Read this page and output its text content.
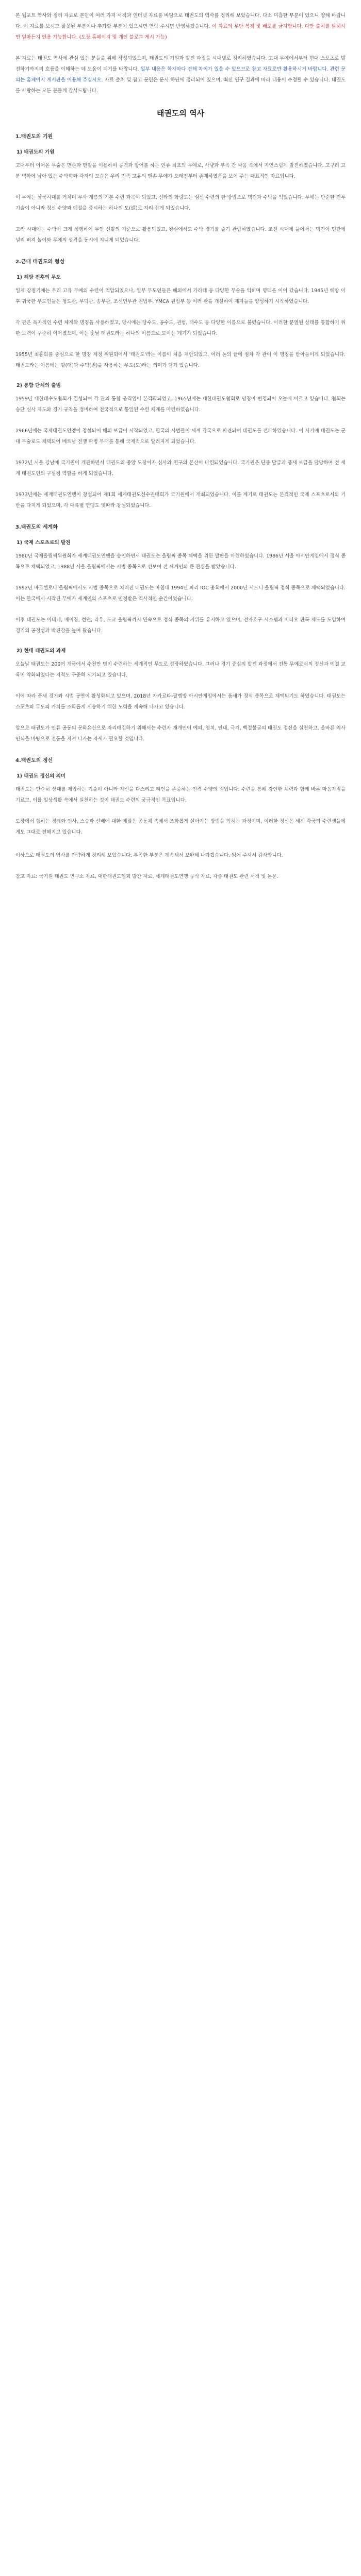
본 웹포트 역사와 정리 자료로 본인이 여러 가지 서적과 인터넷 자료를 바탕으로 태권도의 역사를 정리해 보았습니다. 다소 미흡한 부분이 있으니 양해 바랍니다. 이 자료를 보시고 잘못된 부분이나 추가할 부분이 있으시면 연락 주시면 반영하겠습니다. 이 자료의 무단 복제 및 배포를 금지합니다. 다만 출처를 밝히시면 얼마든지 인용 가능합니다. (도장 홈페이지 및 개인 블로그 게시 가능)

본 자료는 태권도 역사에 관심 있는 분들을 위해 작성되었으며, 태권도의 기원과 발전 과정을 시대별로 정리하였습니다. 고대 무예에서부터 현대 스포츠로 발전하기까지의 흐름을 이해하는 데 도움이 되기를 바랍니다. 일부 내용은 학자마다 견해 차이가 있을 수 있으므로 참고 자료로만 활용하시기 바랍니다. 관련 문의는 홈페이지 게시판을 이용해 주십시오. 자료 출처 및 참고 문헌은 문서 하단에 정리되어 있으며, 최신 연구 결과에 따라 내용이 수정될 수 있습니다. 태권도를 사랑하는 모든 분들께 감사드립니다.

태권도의 역사
1.태권도의 기원
1) 태권도의 기원

고대부터 이어온 무술은 맨손과 맨발을 이용하여 공격과 방어를 하는 인류 최초의 무예로, 사냥과 부족 간 싸움 속에서 자연스럽게 발전하였습니다. 고구려 고분 벽화에 남아 있는 수박희와 각저의 모습은 우리 민족 고유의 맨손 무예가 오래전부터 존재하였음을 보여 주는 대표적인 자료입니다.

이 무예는 삼국시대를 거치며 무사 계층의 기본 수련 과목이 되었고, 신라의 화랑도는 심신 수련의 한 방법으로 택견과 수박을 익혔습니다. 무예는 단순한 전투 기술이 아니라 정신 수양과 예절을 중시하는 하나의 도(道)로 자리 잡게 되었습니다.

고려 시대에는 수박이 크게 성행하여 무인 선발의 기준으로 활용되었고, 왕실에서도 수박 경기를 즐겨 관람하였습니다. 조선 시대에 들어서는 택견이 민간에 널리 퍼져 놀이와 무예의 성격을 동시에 지니게 되었습니다.

2.근대 태권도의 형성
1) 해방 전후의 무도

일제 강점기에는 우리 고유 무예의 수련이 억압되었으나, 일부 무도인들은 해외에서 가라테 등 다양한 무술을 익히며 명맥을 이어 갔습니다. 1945년 해방 이후 귀국한 무도인들은 청도관, 무덕관, 송무관, 조선연무관 권법부, YMCA 권법부 등 여러 관을 개설하여 제자들을 양성하기 시작하였습니다.

각 관은 독자적인 수련 체계와 명칭을 사용하였고, 당시에는 당수도, 공수도, 권법, 태수도 등 다양한 이름으로 불렸습니다. 이러한 분열된 상태를 통합하기 위한 노력이 꾸준히 이어졌으며, 이는 훗날 태권도라는 하나의 이름으로 모이는 계기가 되었습니다.

1955년 최홍희를 중심으로 한 명칭 제정 위원회에서 '태권도'라는 이름이 처음 제안되었고, 여러 논의 끝에 점차 각 관이 이 명칭을 받아들이게 되었습니다. 태권도라는 이름에는 발(태)과 주먹(권)을 사용하는 무도(도)라는 의미가 담겨 있습니다.

2) 통합 단체의 출범

1959년 대한태수도협회가 결성되며 각 관의 통합 움직임이 본격화되었고, 1965년에는 대한태권도협회로 명칭이 변경되어 오늘에 이르고 있습니다. 협회는 승단 심사 제도와 경기 규칙을 정비하여 전국적으로 통일된 수련 체계를 마련하였습니다.

1966년에는 국제태권도연맹이 창설되어 해외 보급이 시작되었고, 한국의 사범들이 세계 각국으로 파견되어 태권도를 전파하였습니다. 이 시기에 태권도는 군대 무술로도 채택되어 베트남 전쟁 파병 부대를 통해 국제적으로 알려지게 되었습니다.

1972년 서울 강남에 국기원이 개관하면서 태권도의 중앙 도장이자 심사와 연구의 본산이 마련되었습니다. 국기원은 단증 발급과 품새 보급을 담당하며 전 세계 태권도인의 구심점 역할을 하게 되었습니다.

1973년에는 세계태권도연맹이 창설되어 제1회 세계태권도선수권대회가 국기원에서 개최되었습니다. 이를 계기로 태권도는 본격적인 국제 스포츠로서의 기반을 다지게 되었으며, 각 대륙별 연맹도 잇따라 창설되었습니다.

3.태권도의 세계화
1) 국제 스포츠로의 발전

1980년 국제올림픽위원회가 세계태권도연맹을 승인하면서 태권도는 올림픽 종목 채택을 위한 발판을 마련하였습니다. 1986년 서울 아시안게임에서 정식 종목으로 채택되었고, 1988년 서울 올림픽에서는 시범 종목으로 선보여 전 세계인의 큰 관심을 받았습니다.

1992년 바르셀로나 올림픽에서도 시범 종목으로 치러진 태권도는 마침내 1994년 파리 IOC 총회에서 2000년 시드니 올림픽 정식 종목으로 채택되었습니다. 이는 한국에서 시작된 무예가 세계인의 스포츠로 인정받은 역사적인 순간이었습니다.

이후 태권도는 아테네, 베이징, 런던, 리우, 도쿄 올림픽까지 연속으로 정식 종목의 지위를 유지하고 있으며, 전자호구 시스템과 비디오 판독 제도를 도입하여 경기의 공정성과 박진감을 높여 왔습니다.

2) 현대 태권도의 과제

오늘날 태권도는 200여 개국에서 수천만 명이 수련하는 세계적인 무도로 성장하였습니다. 그러나 경기 중심의 발전 과정에서 전통 무예로서의 정신과 예절 교육이 약화되었다는 지적도 꾸준히 제기되고 있습니다.

이에 따라 품새 경기와 시범 공연이 활성화되고 있으며, 2018년 자카르타-팔렘방 아시안게임에서는 품새가 정식 종목으로 채택되기도 하였습니다. 태권도는 스포츠와 무도의 가치를 조화롭게 계승하기 위한 노력을 계속해 나가고 있습니다.

앞으로 태권도가 인류 공동의 문화유산으로 자리매김하기 위해서는 수련자 개개인이 예의, 염치, 인내, 극기, 백절불굴의 태권도 정신을 실천하고, 올바른 역사 인식을 바탕으로 전통을 지켜 나가는 자세가 필요할 것입니다.

4.태권도의 정신
1) 태권도 정신의 의미

태권도는 단순히 상대를 제압하는 기술이 아니라 자신을 다스리고 타인을 존중하는 인격 수양의 길입니다. 수련을 통해 강인한 체력과 함께 바른 마음가짐을 기르고, 이를 일상생활 속에서 실천하는 것이 태권도 수련의 궁극적인 목표입니다.

도장에서 행하는 경례와 인사, 스승과 선배에 대한 예절은 공동체 속에서 조화롭게 살아가는 방법을 익히는 과정이며, 이러한 정신은 세계 각국의 수련생들에게도 그대로 전해지고 있습니다.

이상으로 태권도의 역사를 간략하게 정리해 보았습니다. 부족한 부분은 계속해서 보완해 나가겠습니다. 읽어 주셔서 감사합니다.

참고 자료: 국기원 태권도 연구소 자료, 대한태권도협회 발간 자료, 세계태권도연맹 공식 자료, 각종 태권도 관련 서적 및 논문.
